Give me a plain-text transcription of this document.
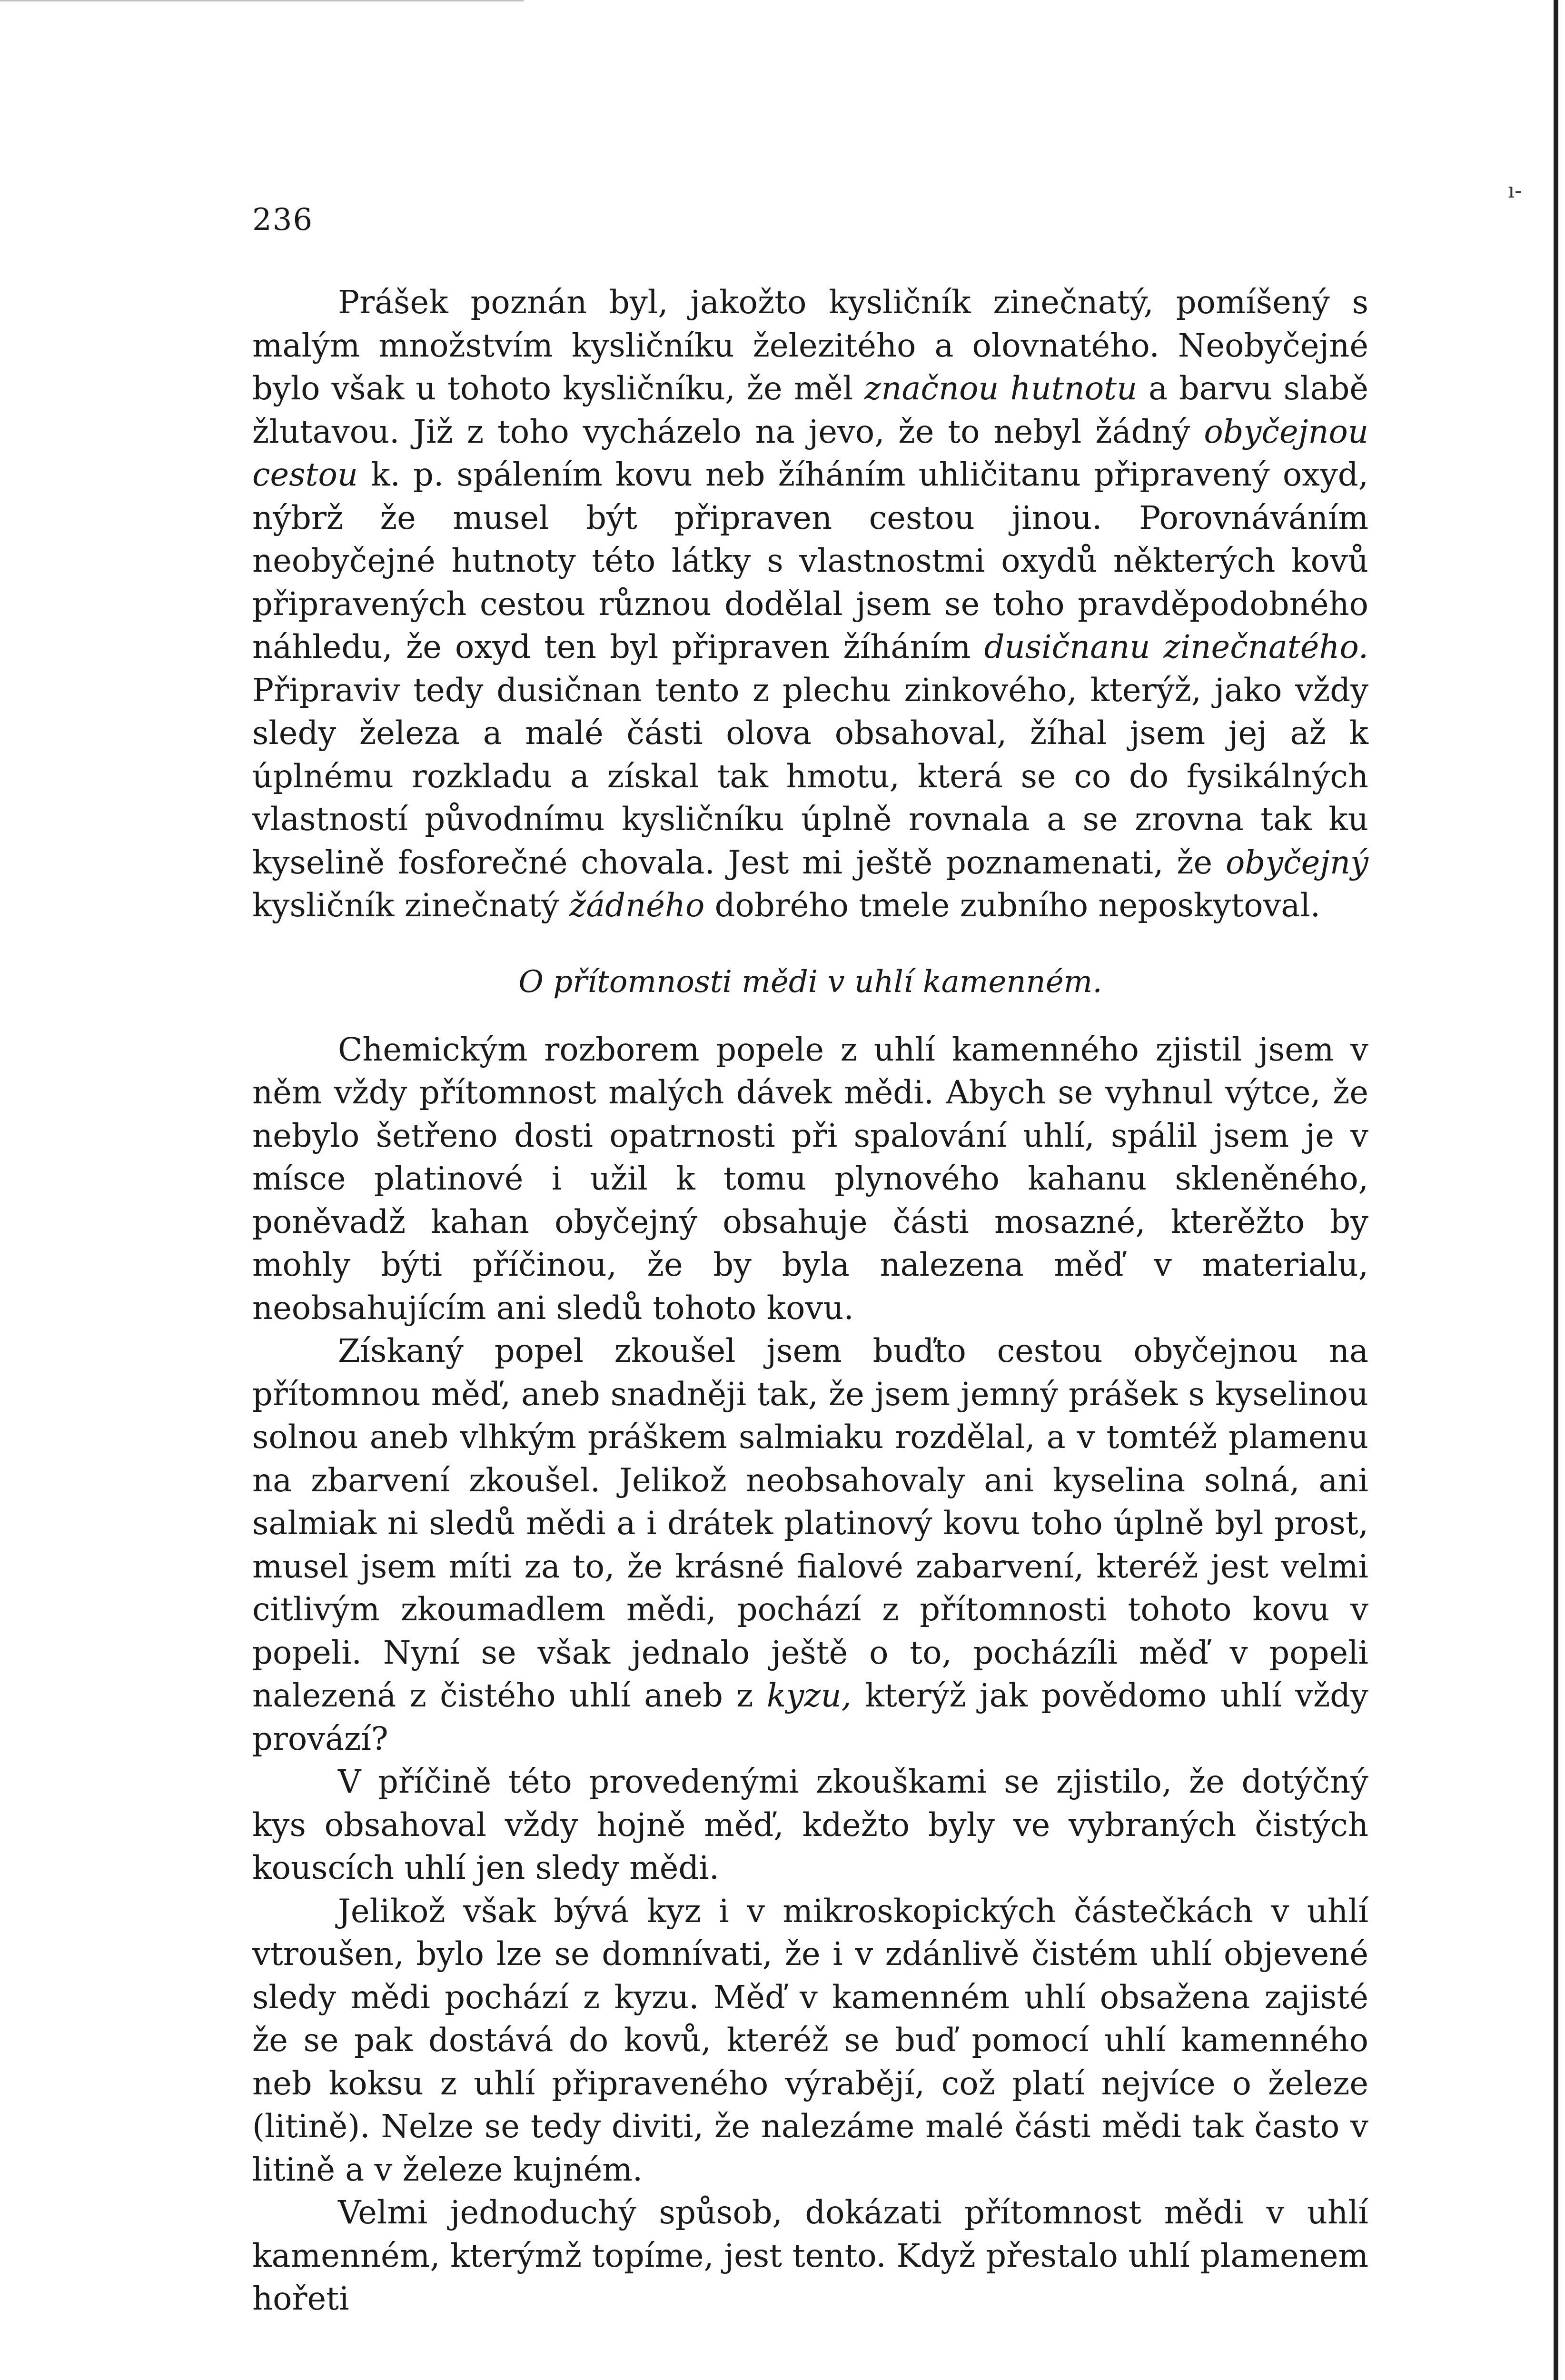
236
ı-

Prášek poznán byl, jakožto kysličník zinečnatý, pomíšený s malým množstvím kysličníku železitého a olovnatého. Neobyčejné bylo však u tohoto kysličníku, že měl značnou hutnotu a barvu slabě žlutavou. Již z toho vycházelo na jevo, že to nebyl žádný obyčejnou cestou k. p. spálením kovu neb žíháním uhličitanu připravený oxyd, nýbrž že musel být připraven cestou jinou. Porovnáváním neobyčejné hutnoty této látky s vlastnostmi oxydů některých kovů připravených cestou různou dodělal jsem se toho pravděpodobného náhledu, že oxyd ten byl připraven žíháním dusičnanu zinečnatého. Připraviv tedy dusičnan tento z plechu zinkového, kterýž, jako vždy sledy železa a malé části olova obsahoval, žíhal jsem jej až k úplnému rozkladu a získal tak hmotu, která se co do fysikálných vlastností původnímu kysličníku úplně rovnala a se zrovna tak ku kyselině fosforečné chovala. Jest mi ještě poznamenati, že obyčejný kysličník zinečnatý žádného dobrého tmele zubního neposkytoval.

O přítomnosti mědi v uhlí kamenném.

Chemickým rozborem popele z uhlí kamenného zjistil jsem v něm vždy přítomnost malých dávek mědi. Abych se vyhnul výtce, že nebylo šetřeno dosti opatrnosti při spalování uhlí, spálil jsem je v mísce platinové i užil k tomu plynového kahanu skleněného, poněvadž kahan obyčejný obsahuje části mosazné, kterěžto by mohly býti příčinou, že by byla nalezena měď v materialu, neobsahujícím ani sledů tohoto kovu.

Získaný popel zkoušel jsem buďto cestou obyčejnou na přítomnou měď, aneb snadněji tak, že jsem jemný prášek s kyselinou solnou aneb vlhkým práškem salmiaku rozdělal, a v tomtéž plamenu na zbarvení zkoušel. Jelikož neobsahovaly ani kyselina solná, ani salmiak ni sledů mědi a i drátek platinový kovu toho úplně byl prost, musel jsem míti za to, že krásné fialové zabarvení, kteréž jest velmi citlivým zkoumadlem mědi, pochází z přítomnosti tohoto kovu v popeli. Nyní se však jednalo ještě o to, pocházíli měď v popeli nalezená z čistého uhlí aneb z kyzu, kterýž jak povědomo uhlí vždy provází?

V příčině této provedenými zkouškami se zjistilo, že dotýčný kys obsahoval vždy hojně měď, kdežto byly ve vybraných čistých kouscích uhlí jen sledy mědi.

Jelikož však bývá kyz i v mikroskopických částečkách v uhlí vtroušen, bylo lze se domnívati, že i v zdánlivě čistém uhlí objevené sledy mědi pochází z kyzu. Měď v kamenném uhlí obsažena zajisté že se pak dostává do kovů, kteréž se buď pomocí uhlí kamenného neb koksu z uhlí připraveného výrabějí, což platí nejvíce o železe (litině). Nelze se tedy diviti, že nalezáme malé části mědi tak často v litině a v železe kujném.

Velmi jednoduchý spůsob, dokázati přítomnost mědi v uhlí kamenném, kterýmž topíme, jest tento. Když přestalo uhlí plamenem hořeti
